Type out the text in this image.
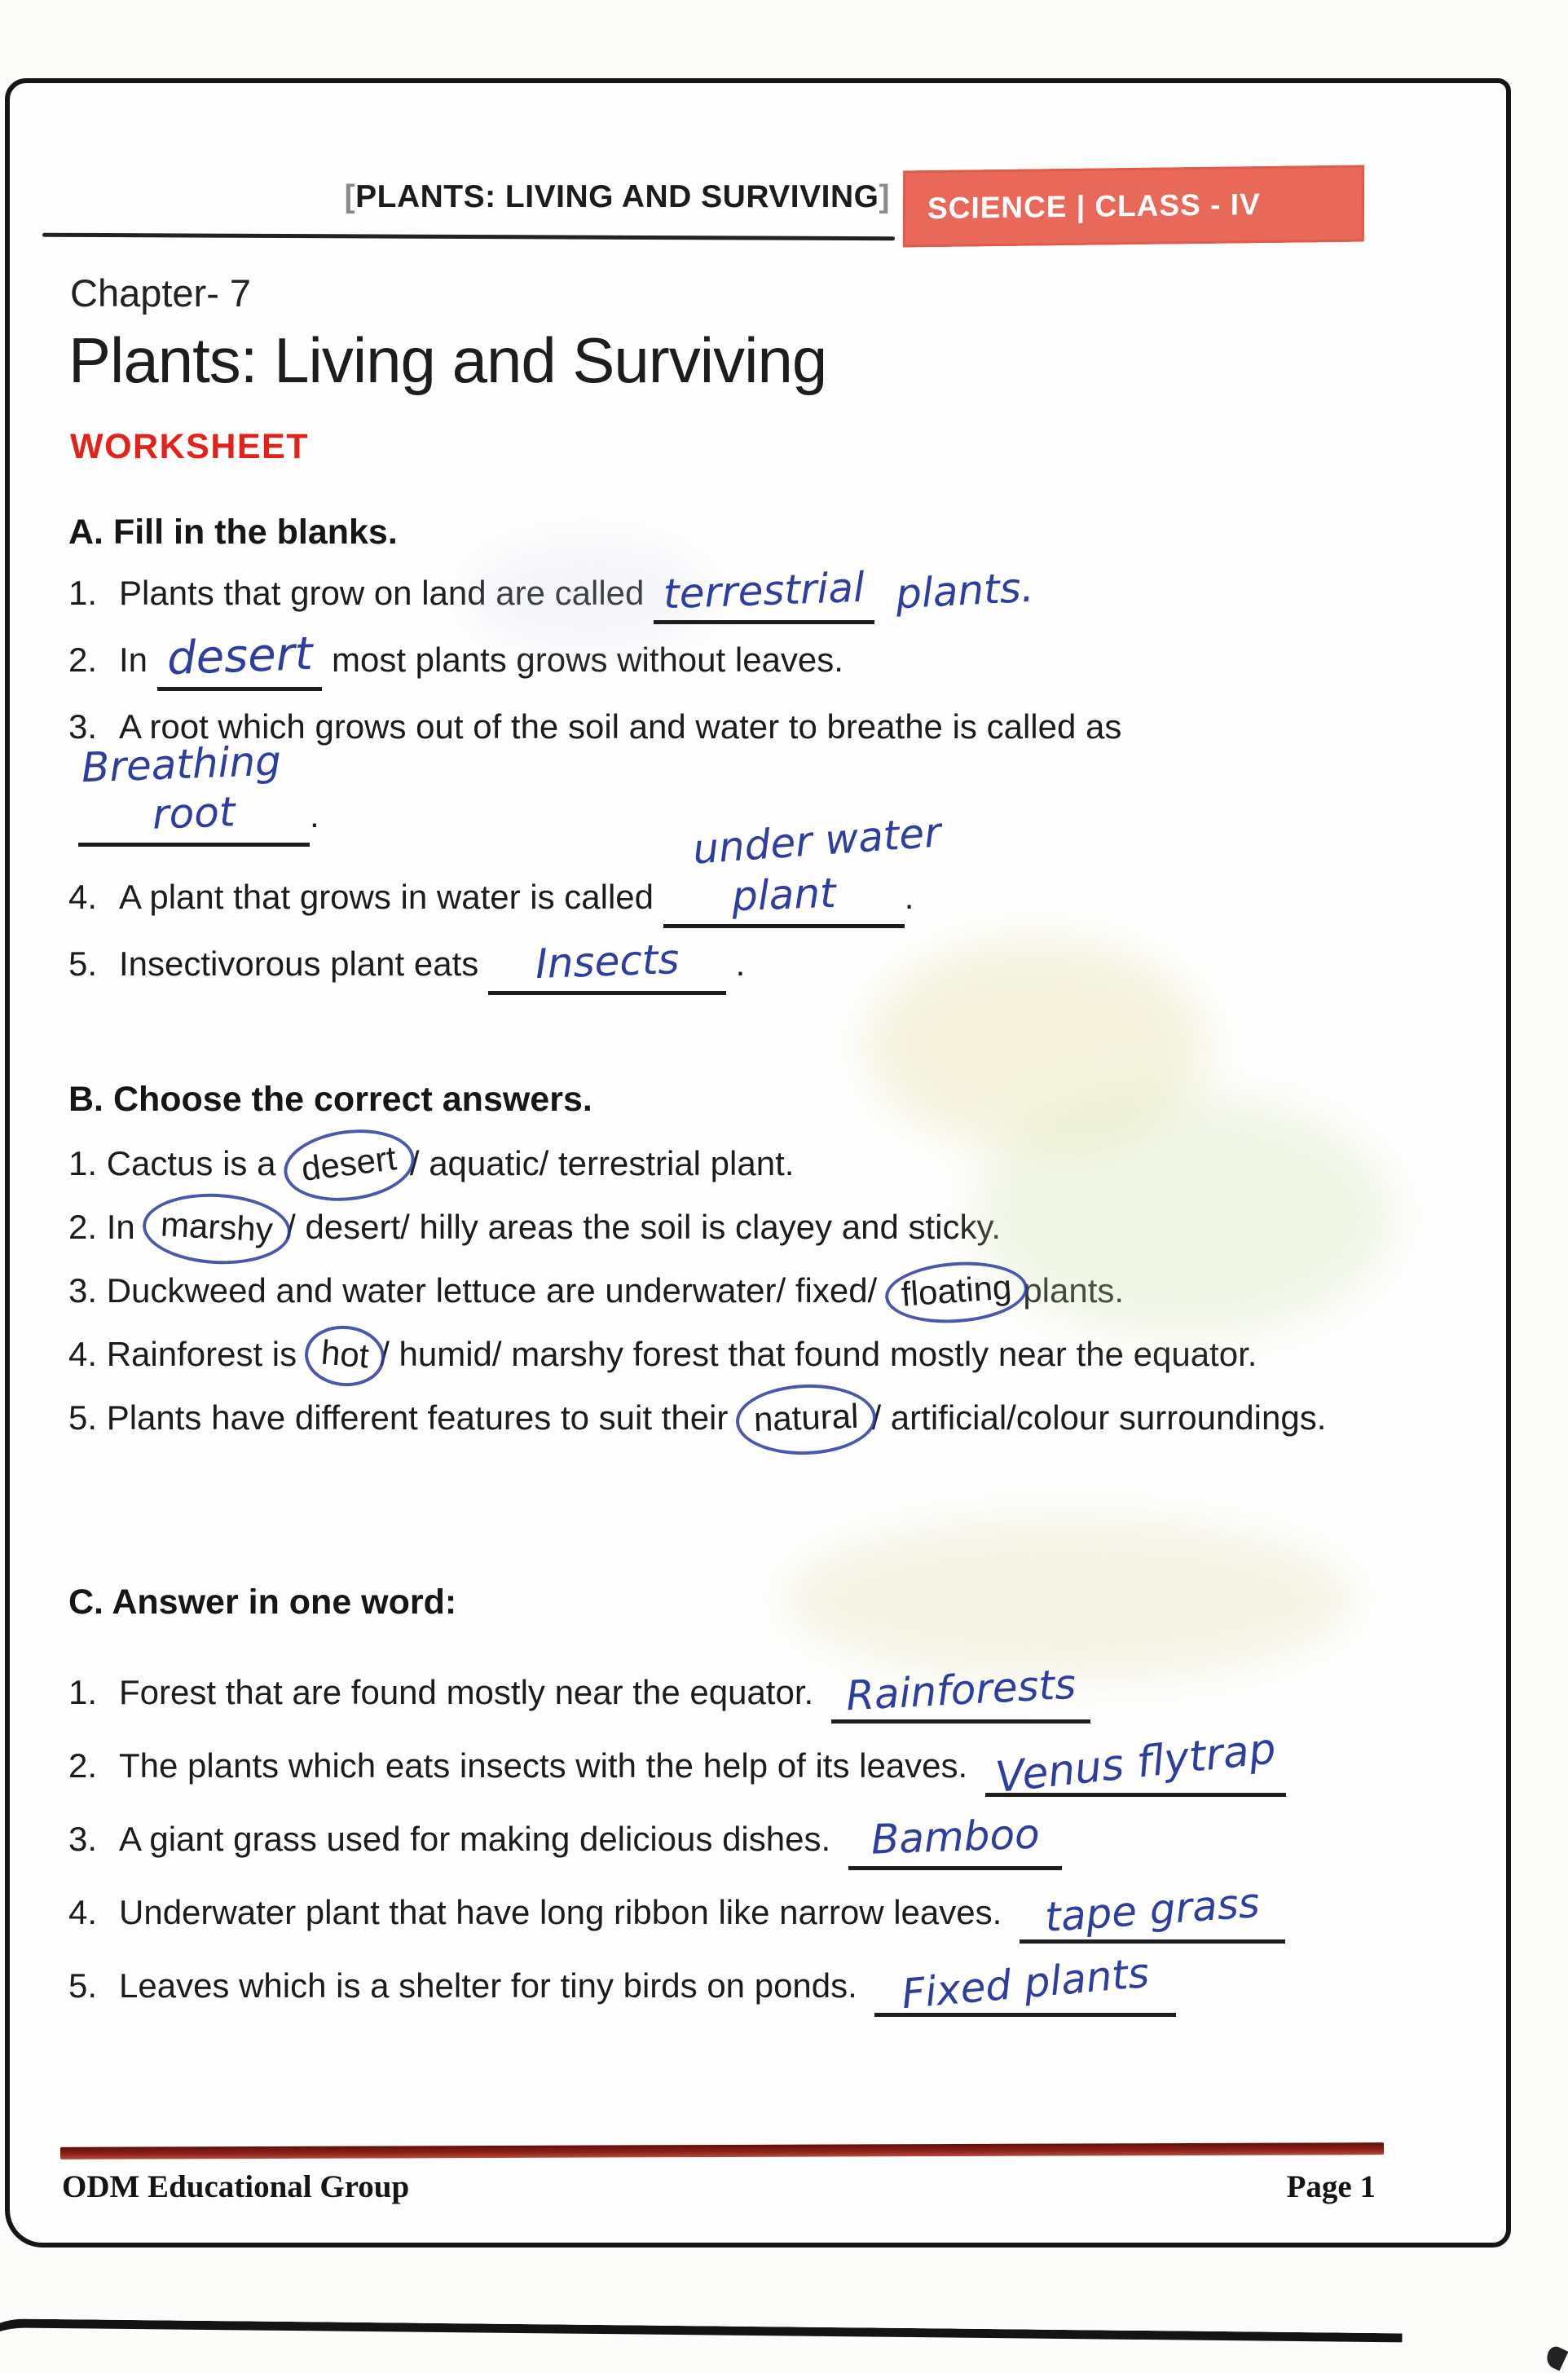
[PLANTS: LIVING AND SURVIVING] SCIENCE | CLASS - IV
Chapter- 7
Plants: Living and Surviving
WORKSHEET
A. Fill in the blanks.
1. Plants that grow on land are called terrestrial plants.
2. In desert most plants grows without leaves.
3. A root which grows out of the soil and water to breathe is called as
Breathing
root .
4. A plant that grows in water is called
under water
plant .
5. Insectivorous plant eats Insects .
B. Choose the correct answers.
1. Cactus is a desert / aquatic/ terrestrial plant.
2. In marshy / desert/ hilly areas the soil is clayey and sticky.
3. Duckweed and water lettuce are underwater/ fixed/ floating plants.
4. Rainforest is hot / humid/ marshy forest that found mostly near the equator.
5. Plants have different features to suit their natural / artificial/colour surroundings.
C. Answer in one word:
1. Forest that are found mostly near the equator. Rainforests
2. The plants which eats insects with the help of its leaves. Venus flytrap
3. A giant grass used for making delicious dishes. Bamboo
4. Underwater plant that have long ribbon like narrow leaves. tape grass
5. Leaves which is a shelter for tiny birds on ponds. Fixed plants
ODM Educational Group	Page 1
